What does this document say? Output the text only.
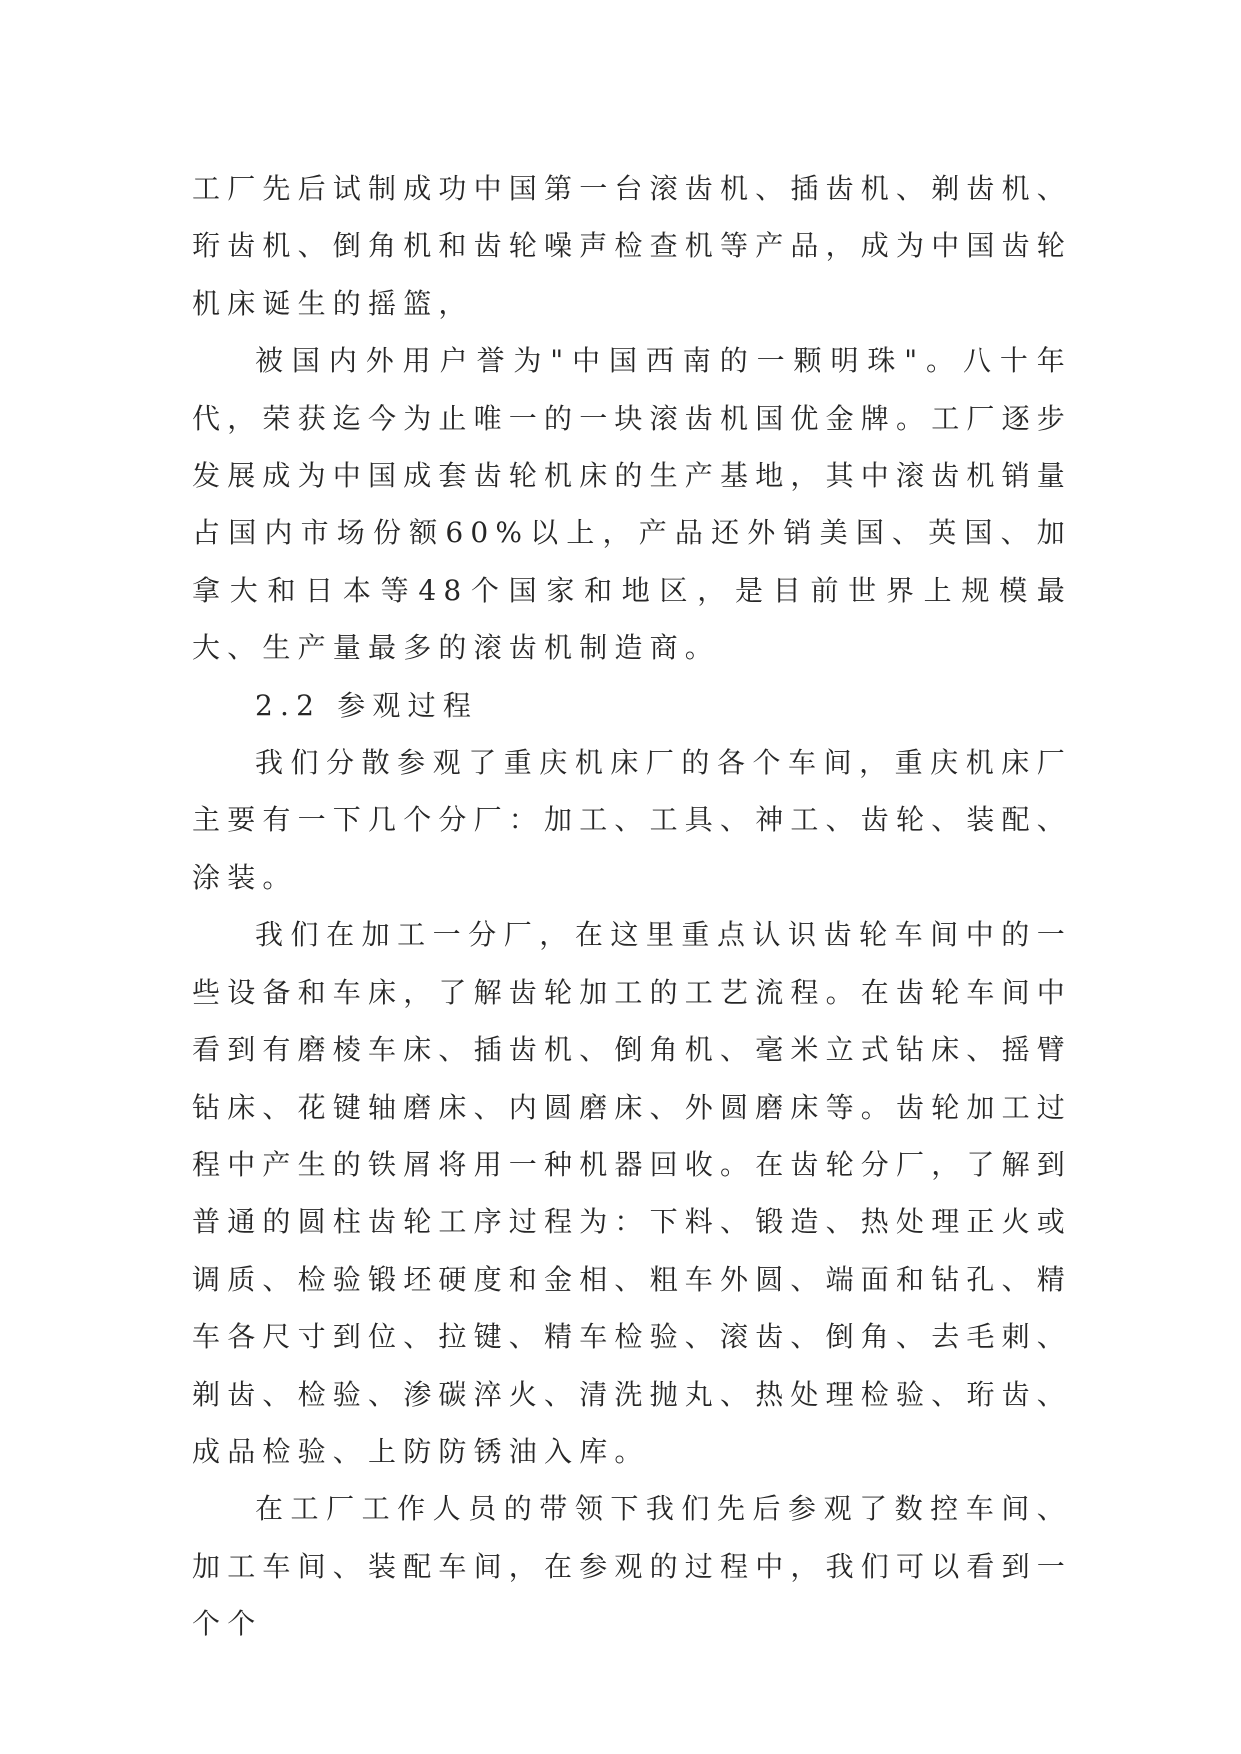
工厂先后试制成功中国第一台滚齿机、插齿机、剃齿机、珩齿机、倒角机和齿轮噪声检查机等产品，成为中国齿轮机床诞生的摇篮，

被国内外用户誉为"中国西南的一颗明珠"。八十年代，荣获迄今为止唯一的一块滚齿机国优金牌。工厂逐步发展成为中国成套齿轮机床的生产基地，其中滚齿机销量占国内市场份额60%以上，产品还外销美国、英国、加拿大和日本等48个国家和地区，是目前世界上规模最大、生产量最多的滚齿机制造商。

2.2 参观过程

我们分散参观了重庆机床厂的各个车间，重庆机床厂主要有一下几个分厂：加工、工具、神工、齿轮、装配、涂装。

我们在加工一分厂，在这里重点认识齿轮车间中的一些设备和车床，了解齿轮加工的工艺流程。在齿轮车间中看到有磨棱车床、插齿机、倒角机、毫米立式钻床、摇臂钻床、花键轴磨床、内圆磨床、外圆磨床等。齿轮加工过程中产生的铁屑将用一种机器回收。在齿轮分厂，了解到普通的圆柱齿轮工序过程为：下料、锻造、热处理正火或调质、检验锻坯硬度和金相、粗车外圆、端面和钻孔、精车各尺寸到位、拉键、精车检验、滚齿、倒角、去毛刺、剃齿、检验、渗碳淬火、清洗抛丸、热处理检验、珩齿、成品检验、上防防锈油入库。

在工厂工作人员的带领下我们先后参观了数控车间、加工车间、装配车间，在参观的过程中，我们可以看到一个个
